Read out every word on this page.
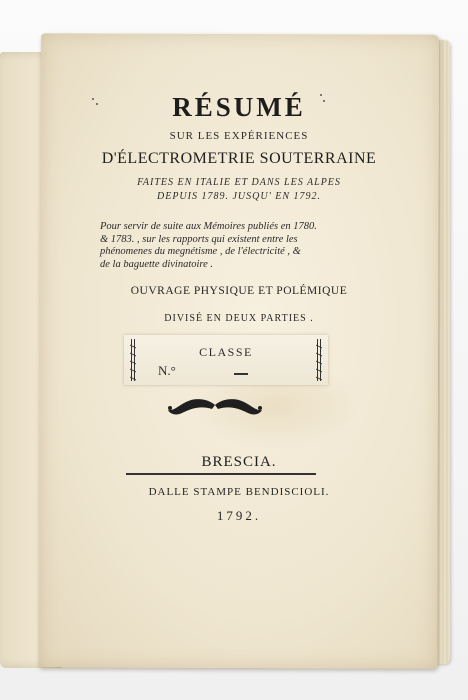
RÉSUMÉ
SUR LES EXPÉRIENCES
D'ÉLECTROMETRIE SOUTERRAINE
FAITES EN ITALIE ET DANS LES ALPES
DEPUIS 1789. JUSQU' EN 1792.
Pour servir de suite aux Mémoires publiés en 1780.
& 1783. , sur les rapports qui existent entre les
phénomenes du megnétisme , de l'électricité , &
de la baguette divinatoire .
OUVRAGE PHYSIQUE ET POLÉMIQUE
DIVISÉ EN DEUX PARTIES .
CLASSE
N.°
BRESCIA.
DALLE STAMPE BENDISCIOLI.
1792.
